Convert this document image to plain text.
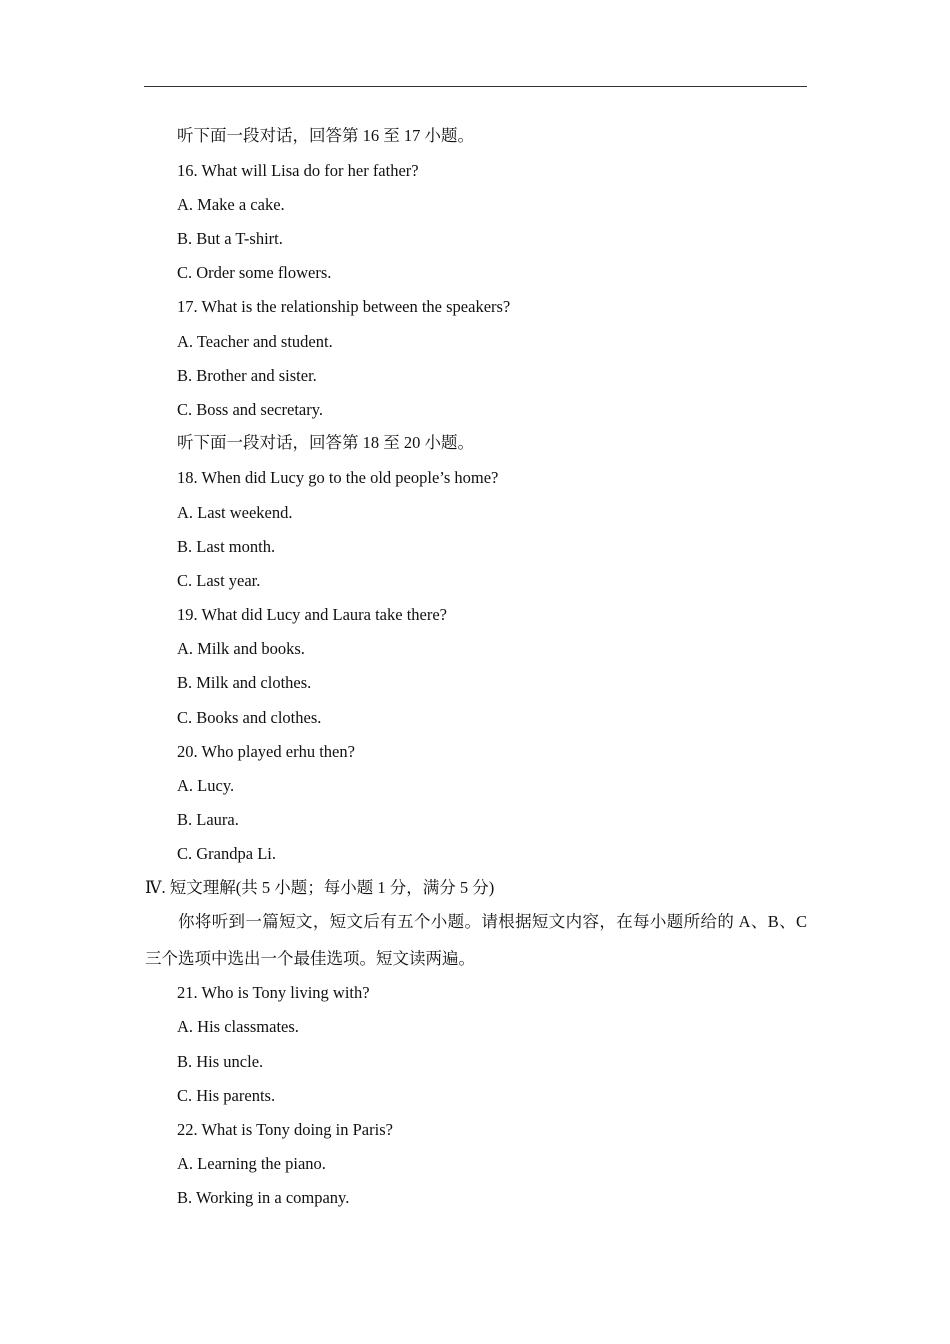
听下面一段对话，回答第 16 至 17 小题。
16. What will Lisa do for her father?
A. Make a cake.
B. But a T-shirt.
C. Order some flowers.
17. What is the relationship between the speakers?
A. Teacher and student.
B. Brother and sister.
C. Boss and secretary.
听下面一段对话，回答第 18 至 20 小题。
18. When did Lucy go to the old people’s home?
A. Last weekend.
B. Last month.
C. Last year.
19. What did Lucy and Laura take there?
A. Milk and books.
B. Milk and clothes.
C. Books and clothes.
20. Who played erhu then?
A. Lucy.
B. Laura.
C. Grandpa Li.
Ⅳ. 短文理解(共 5 小题；每小题 1 分，满分 5 分)
你将听到一篇短文，短文后有五个小题。请根据短文内容，在每小题所给的 A、B、C 三个选项中选出一个最佳选项。短文读两遍。
21. Who is Tony living with?
A. His classmates.
B. His uncle.
C. His parents.
22. What is Tony doing in Paris?
A. Learning the piano.
B. Working in a company.
